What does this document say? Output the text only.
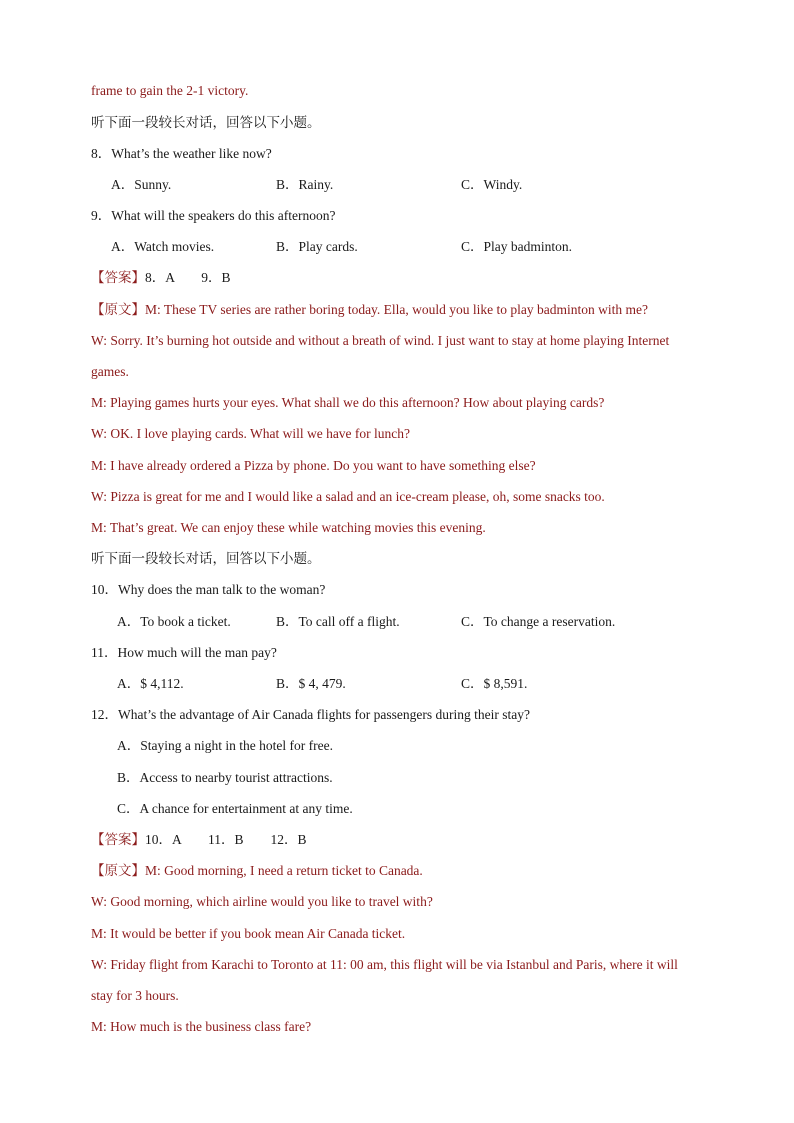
frame to gain the 2-1 victory.
听下面一段较长对话，回答以下小题。
8．What’s the weather like now?
A．Sunny.	B．Rainy.	C．Windy.
9．What will the speakers do this afternoon?
A．Watch movies.	B．Play cards.	C．Play badminton.
【答案】8．A　　9．B
【原文】M: These TV series are rather boring today. Ella, would you like to play badminton with me?
W: Sorry. It’s burning hot outside and without a breath of wind. I just want to stay at home playing Internet
games.
M: Playing games hurts your eyes. What shall we do this afternoon? How about playing cards?
W: OK. I love playing cards. What will we have for lunch?
M: I have already ordered a Pizza by phone. Do you want to have something else?
W: Pizza is great for me and I would like a salad and an ice-cream please, oh, some snacks too.
M: That’s great. We can enjoy these while watching movies this evening.
听下面一段较长对话，回答以下小题。
10．Why does the man talk to the woman?
A．To book a ticket.	B．To call off a flight.	C．To change a reservation.
11．How much will the man pay?
A．$ 4,112.	B．$ 4, 479.	C．$ 8,591.
12．What’s the advantage of Air Canada flights for passengers during their stay?
A．Staying a night in the hotel for free.
B．Access to nearby tourist attractions.
C．A chance for entertainment at any time.
【答案】10．A　　11．B　　12．B
【原文】M: Good morning, I need a return ticket to Canada.
W: Good morning, which airline would you like to travel with?
M: It would be better if you book mean Air Canada ticket.
W: Friday flight from Karachi to Toronto at 11: 00 am, this flight will be via Istanbul and Paris, where it will
stay for 3 hours.
M: How much is the business class fare?
